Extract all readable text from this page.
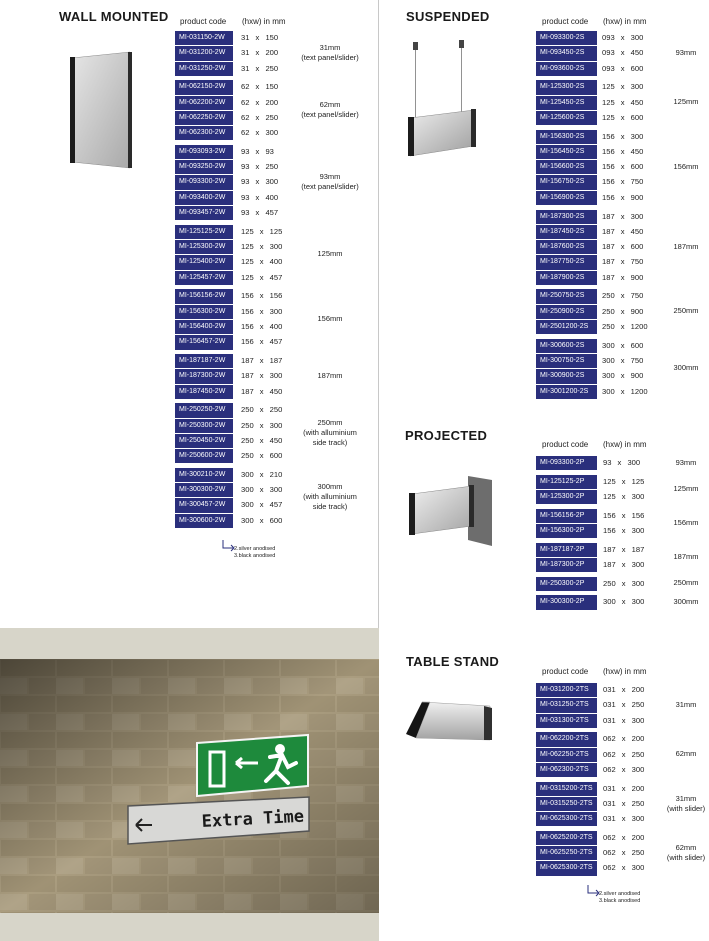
WALL MOUNTED	SUSPENDED
PROJECTED
TABLE STAND
product code (hxw) in mm	product code (hxw) in mm
product code (hxw) in mm
product code (hxw) in mm
MI-031150-2W	31 x 150
MI-031200-2W	31 x 200
MI-031250-2W	31 x 250
31mm
(text panel/slider)
MI-062150-2W	62 x 150
MI-062200-2W	62 x 200
MI-062250-2W	62 x 250
MI-062300-2W	62 x 300
62mm
(text panel/slider)
MI-093093-2W	93 x 93
MI-093250-2W	93 x 250
MI-093300-2W	93 x 300
MI-093400-2W	93 x 400
MI-093457-2W	93 x 457
93mm
(text panel/slider)
MI-125125-2W	125 x 125
MI-125300-2W	125 x 300
MI-125400-2W	125 x 400
MI-125457-2W	125 x 457
125mm
MI-156156-2W	156 x 156
MI-156300-2W	156 x 300
MI-156400-2W	156 x 400
MI-156457-2W	156 x 457
156mm
MI-187187-2W	187 x 187
MI-187300-2W	187 x 300
MI-187450-2W	187 x 450
187mm
MI-250250-2W	250 x 250
MI-250300-2W	250 x 300
MI-250450-2W	250 x 450
MI-250600-2W	250 x 600
250mm
(with alluminium
side track)
MI-300210-2W	300 x 210
MI-300300-2W	300 x 300
MI-300457-2W	300 x 457
MI-300600-2W	300 x 600
300mm
(with alluminium
side track)
MI-093300-2S	093 x 300
MI-093450-2S	093 x 450
MI-093600-2S	093 x 600
93mm
MI-125300-2S	125 x 300
MI-125450-2S	125 x 450
MI-125600-2S	125 x 600
125mm
MI-156300-2S	156 x 300
MI-156450-2S	156 x 450
MI-156600-2S	156 x 600
MI-156750-2S	156 x 750
MI-156900-2S	156 x 900
156mm
MI-187300-2S	187 x 300
MI-187450-2S	187 x 450
MI-187600-2S	187 x 600
MI-187750-2S	187 x 750
MI-187900-2S	187 x 900
187mm
MI-250750-2S	250 x 750
MI-250900-2S	250 x 900
MI-2501200-2S	250 x 1200
250mm
MI-300600-2S	300 x 600
MI-300750-2S	300 x 750
MI-300900-2S	300 x 900
MI-3001200-2S	300 x 1200
300mm
MI-093300-2P	93 x 300	93mm
MI-125125-2P	125 x 125
MI-125300-2P	125 x 300
125mm
MI-156156-2P	156 x 156
MI-156300-2P	156 x 300
156mm
MI-187187-2P	187 x 187
MI-187300-2P	187 x 300
187mm
MI-250300-2P	250 x 300	250mm
MI-300300-2P	300 x 300	300mm
MI-031200-2TS	031 x 200
MI-031250-2TS	031 x 250
MI-031300-2TS	031 x 300
31mm
MI-062200-2TS	062 x 200
MI-062250-2TS	062 x 250
MI-062300-2TS	062 x 300
62mm
MI-0315200-2TS	031 x 200
MI-0315250-2TS	031 x 250
MI-0625300-2TS	031 x 300
31mm
(with slider)
MI-0625200-2TS	062 x 200
MI-0625250-2TS	062 x 250
MI-0625300-2TS	062 x 300
62mm
(with slider)
2.silver anodised
3.black anodised
2.silver anodised
3.black anodised
Extra Time
